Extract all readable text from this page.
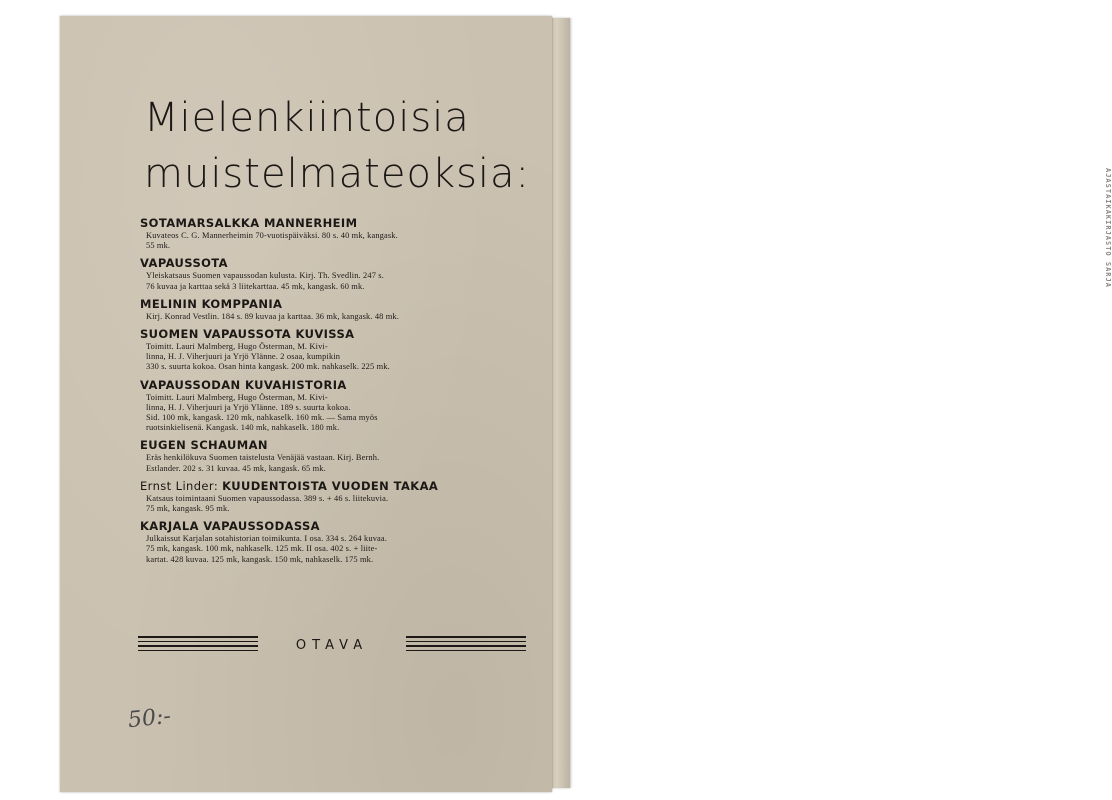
AJASTAIKAKIRJASTO SARJA
Mielenkiintoisia
muistelmateoksia:
SOTAMARSALKKA MANNERHEIM
Kuvateos C. G. Mannerheimin 70-vuotispäiväksi. 80 s. 40 mk, kangask.
55 mk.
VAPAUSSOTA
Yleiskatsaus Suomen vapaussodan kulusta. Kirj. Th. Svedlin. 247 s.
76 kuvaa ja karttaa sekä 3 liitekarttaa. 45 mk, kangask. 60 mk.
MELININ KOMPPANIA
Kirj. Konrad Vestlin. 184 s. 89 kuvaa ja karttaa. 36 mk, kangask. 48 mk.
SUOMEN VAPAUSSOTA KUVISSA
Toimitt. Lauri Malmberg, Hugo Österman, M. Kivi-
linna, H. J. Viherjuuri ja Yrjö Ylänne. 2 osaa, kumpikin
330 s. suurta kokoa. Osan hinta kangask. 200 mk. nahkaselk. 225 mk.
VAPAUSSODAN KUVAHISTORIA
Toimitt. Lauri Malmberg, Hugo Österman, M. Kivi-
linna, H. J. Viherjuuri ja Yrjö Ylänne. 189 s. suurta kokoa.
Sid. 100 mk, kangask. 120 mk, nahkaselk. 160 mk. — Sama myös
ruotsinkielisenä. Kangask. 140 mk, nahkaselk. 180 mk.
EUGEN SCHAUMAN
Eräs henkilökuva Suomen taistelusta Venäjää vastaan. Kirj. Bernh.
Estlander. 202 s. 31 kuvaa. 45 mk, kangask. 65 mk.
Ernst Linder: KUUDENTOISTA VUODEN TAKAA
Katsaus toimintaani Suomen vapaussodassa. 389 s. + 46 s. liitekuvia.
75 mk, kangask. 95 mk.
KARJALA VAPAUSSODASSA
Julkaissut Karjalan sotahistorian toimikunta. I osa. 334 s. 264 kuvaa.
75 mk, kangask. 100 mk, nahkaselk. 125 mk. II osa. 402 s. + liite-
kartat. 428 kuvaa. 125 mk, kangask. 150 mk, nahkaselk. 175 mk.
OTAVA
50:-
